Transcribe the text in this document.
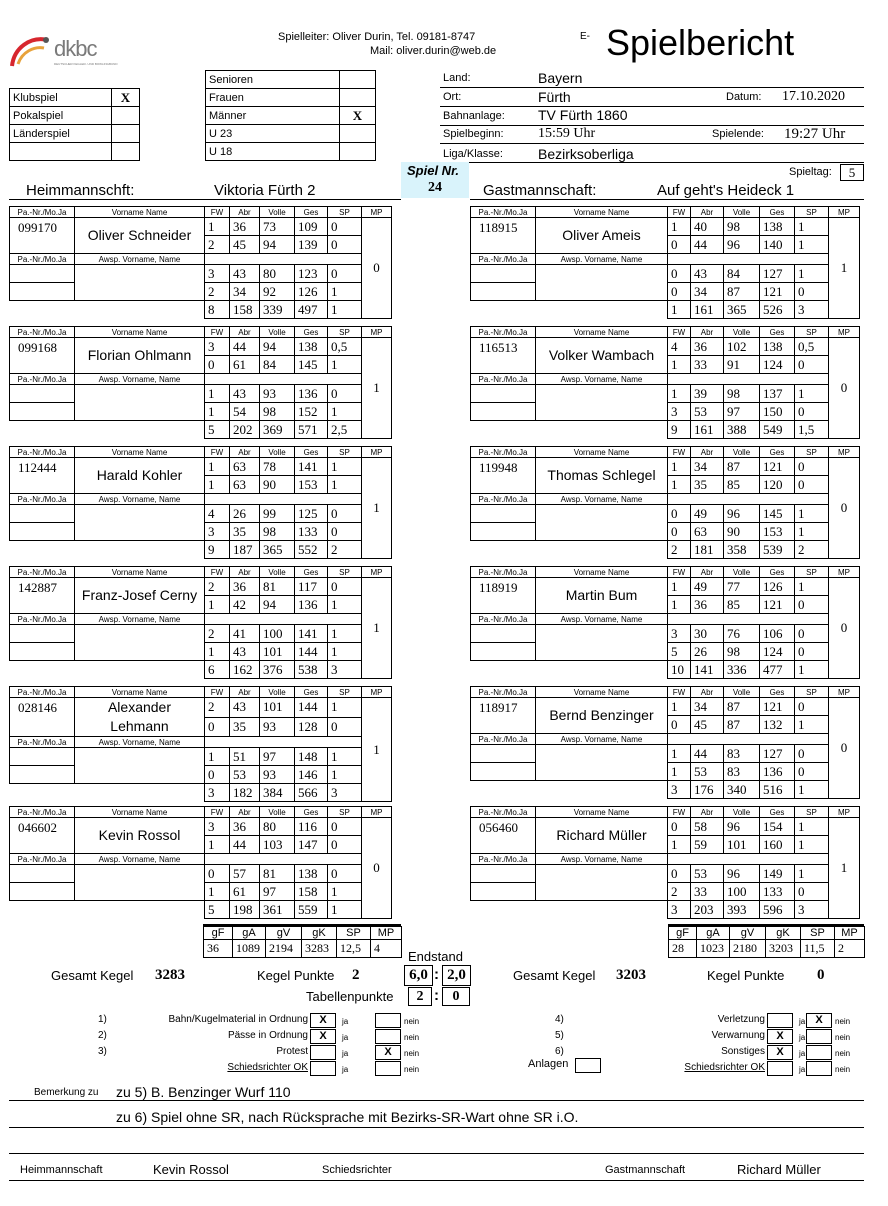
dkbc
DEUTSCHER KEGLER- UND BOWLINGBUND
Spielleiter: Oliver Durin, Tel. 09181-8747
Mail: oliver.durin@web.de
E- Spielbericht
Klubspiel	X
Pokalspiel	
Länderspiel	

Senioren	
Frauen	
Männer	X
U 23	
U 18	
Land:	Bayern
Ort:	Fürth	Datum: 17.10.2020
Bahnanlage: TV Fürth 1860
Spielbeginn: 15:59 Uhr	Spielende: 19:27 Uhr
Liga/Klasse:	Bezirksoberliga
Spieltag:	5
Spiel Nr.
24
Heimmannschft:	Viktoria Fürth 2	Gastmannschaft:	Auf geht's Heideck 1
Pa.-Nr./Mo.Ja	Vorname Name	FW	Abr	Volle	Ges	SP	MP
099170	Oliver Schneider	1	36	73	109	0	0
		2	45	94	139	0	
Pa.-Nr./Mo.Ja	Awsp. Vorname, Name						
		3	43	80	123	0	
		2	34	92	126	1	
		8	158	339	497	1	
Pa.-Nr./Mo.Ja	Vorname Name	FW	Abr	Volle	Ges	SP	MP
099168	Florian Ohlmann	3	44	94	138	0,5	1
		0	61	84	145	1	
Pa.-Nr./Mo.Ja	Awsp. Vorname, Name						
		1	43	93	136	0	
		1	54	98	152	1	
		5	202	369	571	2,5	
Pa.-Nr./Mo.Ja	Vorname Name	FW	Abr	Volle	Ges	SP	MP
112444	Harald Kohler	1	63	78	141	1	1
		1	63	90	153	1	
Pa.-Nr./Mo.Ja	Awsp. Vorname, Name						
		4	26	99	125	0	
		3	35	98	133	0	
		9	187	365	552	2	
Pa.-Nr./Mo.Ja	Vorname Name	FW	Abr	Volle	Ges	SP	MP
142887	Franz-Josef Cerny	2	36	81	117	0	1
		1	42	94	136	1	
Pa.-Nr./Mo.Ja	Awsp. Vorname, Name						
		2	41	100	141	1	
		1	43	101	144	1	
		6	162	376	538	3	
Pa.-Nr./Mo.Ja	Vorname Name	FW	Abr	Volle	Ges	SP	MP
028146	Alexander Lehmann	2	43	101	144	1	1
		0	35	93	128	0	
Pa.-Nr./Mo.Ja	Awsp. Vorname, Name						
		1	51	97	148	1	
		0	53	93	146	1	
		3	182	384	566	3	
Pa.-Nr./Mo.Ja	Vorname Name	FW	Abr	Volle	Ges	SP	MP
046602	Kevin Rossol	3	36	80	116	0	0
		1	44	103	147	0	
Pa.-Nr./Mo.Ja	Awsp. Vorname, Name						
		0	57	81	138	0	
		1	61	97	158	1	
		5	198	361	559	1	
Pa.-Nr./Mo.Ja	Vorname Name	FW	Abr	Volle	Ges	SP	MP
118915	Oliver Ameis	1	40	98	138	1	1
		0	44	96	140	1	
Pa.-Nr./Mo.Ja	Awsp. Vorname, Name						
		0	43	84	127	1	
		0	34	87	121	0	
		1	161	365	526	3	
Pa.-Nr./Mo.Ja	Vorname Name	FW	Abr	Volle	Ges	SP	MP
116513	Volker Wambach	4	36	102	138	0,5	0
		1	33	91	124	0	
Pa.-Nr./Mo.Ja	Awsp. Vorname, Name						
		1	39	98	137	1	
		3	53	97	150	0	
		9	161	388	549	1,5	
Pa.-Nr./Mo.Ja	Vorname Name	FW	Abr	Volle	Ges	SP	MP
119948	Thomas Schlegel	1	34	87	121	0	0
		1	35	85	120	0	
Pa.-Nr./Mo.Ja	Awsp. Vorname, Name						
		0	49	96	145	1	
		0	63	90	153	1	
		2	181	358	539	2	
Pa.-Nr./Mo.Ja	Vorname Name	FW	Abr	Volle	Ges	SP	MP
118919	Martin Bum	1	49	77	126	1	0
		1	36	85	121	0	
Pa.-Nr./Mo.Ja	Awsp. Vorname, Name						
		3	30	76	106	0	
		5	26	98	124	0	
		10	141	336	477	1	
Pa.-Nr./Mo.Ja	Vorname Name	FW	Abr	Volle	Ges	SP	MP
118917	Bernd Benzinger	1	34	87	121	0	0
		0	45	87	132	1	
Pa.-Nr./Mo.Ja	Awsp. Vorname, Name						
		1	44	83	127	0	
		1	53	83	136	0	
		3	176	340	516	1	
Pa.-Nr./Mo.Ja	Vorname Name	FW	Abr	Volle	Ges	SP	MP
056460	Richard Müller	0	58	96	154	1	1
		1	59	101	160	1	
Pa.-Nr./Mo.Ja	Awsp. Vorname, Name						
		0	53	96	149	1	
		2	33	100	133	0	
		3	203	393	596	3	
gF	gA	gV	gK	SP	MP
36	1089	2194	3283	12,5	4
gF	gA	gV	gK	SP	MP
28	1023	2180	3203	11,5	2
Endstand
Gesamt Kegel 3283	Kegel Punkte 2	Gesamt Kegel 3203	Kegel Punkte 0
6,0 : 2,0
Tabellenpunkte	2 : 0
1)	Bahn/Kugelmaterial in Ordnung	X	ja	nein
2)	Pässe in Ordnung	X	ja	nein
3)	Protest	ja	X	nein
Schiedsrichter OK	ja	nein
4)	Verletzung	ja X	nein
5)	Verwarnung	X	ja	nein
6)	Sonstiges	X	ja	nein
Schiedsrichter OK	ja	nein
Anlagen
Bemerkung zu zu 5) B. Benzinger Wurf 110
zu 6) Spiel ohne SR, nach Rücksprache mit Bezirks-SR-Wart ohne SR i.O.
Heimmannschaft	Kevin Rossol	Schiedsrichter	Gastmannschaft	Richard Müller
